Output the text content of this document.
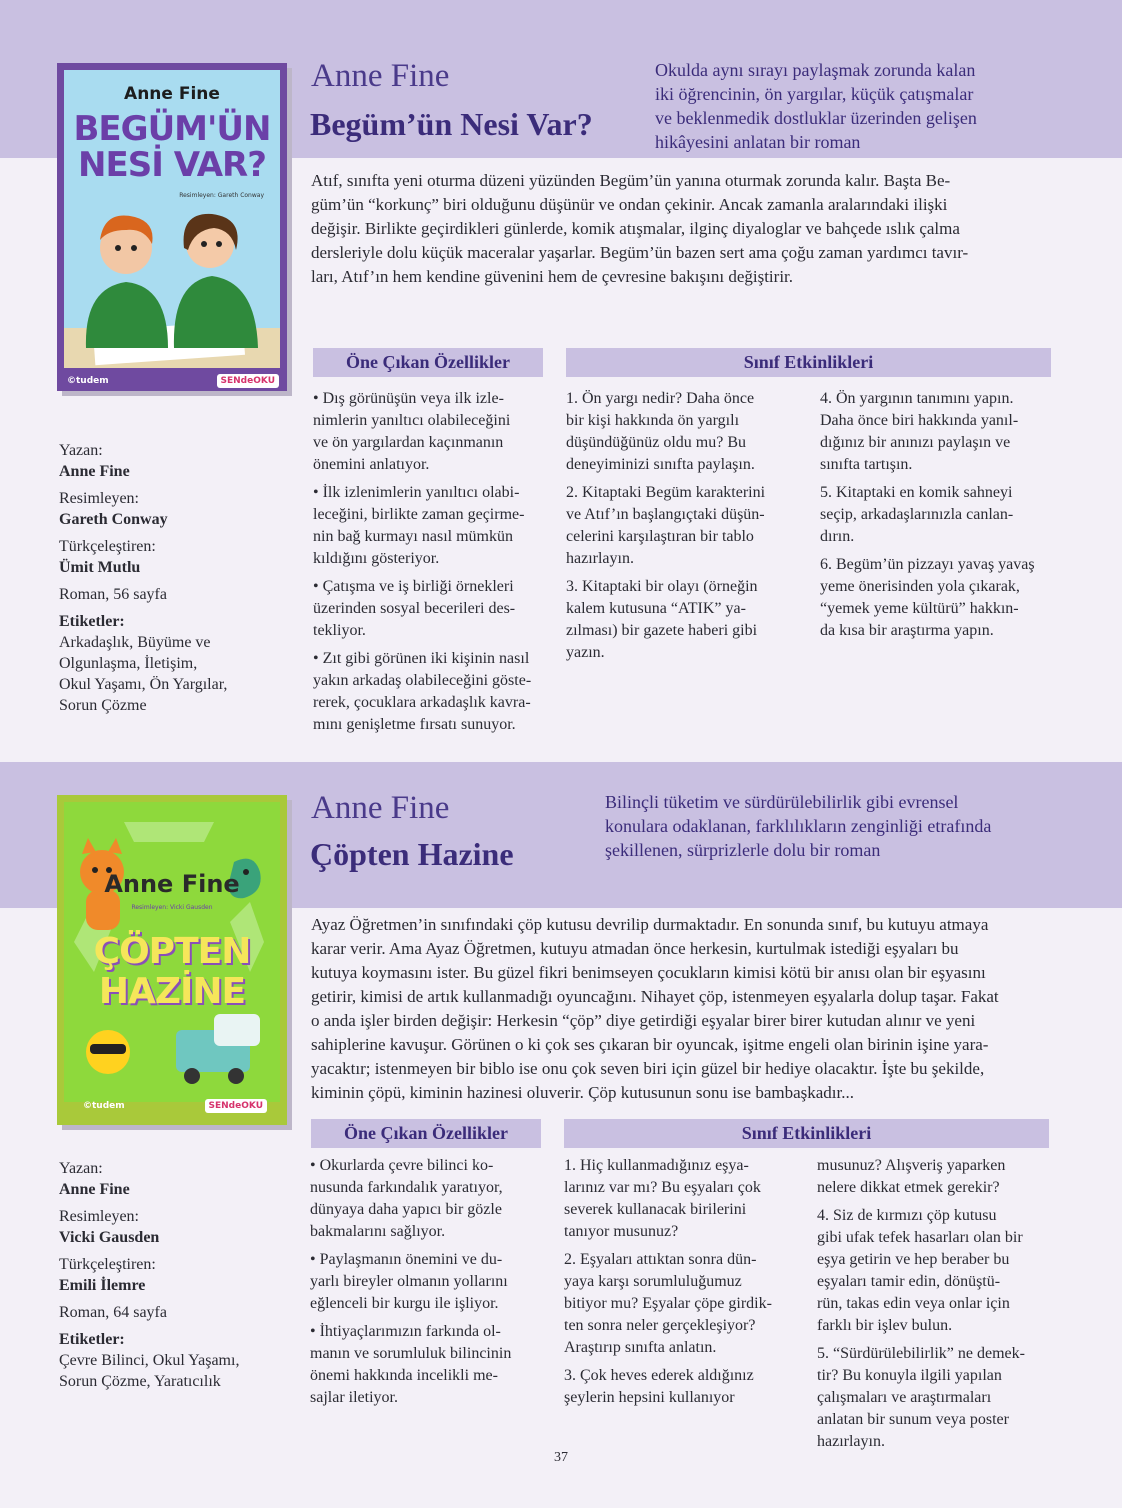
Anne Fine
BEGÜM'ÜN
NESİ VAR?
Resimleyen: Gareth Conway
©tudem	SENdeOKU
Anne Fine
Begüm’ün Nesi Var?
Okulda aynı sırayı paylaşmak zorunda kalan
iki öğrencinin, ön yargılar, küçük çatışmalar
ve beklenmedik dostluklar üzerinden gelişen
hikâyesini anlatan bir roman
Atıf, sınıfta yeni oturma düzeni yüzünden Begüm’ün yanına oturmak zorunda kalır. Başta Be-
güm’ün “korkunç” biri olduğunu düşünür ve ondan çekinir. Ancak zamanla aralarındaki ilişki
değişir. Birlikte geçirdikleri günlerde, komik atışmalar, ilginç diyaloglar ve bahçede ıslık çalma
dersleriyle dolu küçük maceralar yaşarlar. Begüm’ün bazen sert ama çoğu zaman yardımcı tavır-
ları, Atıf’ın hem kendine güvenini hem de çevresine bakışını değiştirir.
Yazan:
Anne Fine
Resimleyen:
Gareth Conway
Türkçeleştiren:
Ümit Mutlu
Roman, 56 sayfa
Etiketler:
Arkadaşlık, Büyüme ve
Olgunlaşma, İletişim,
Okul Yaşamı, Ön Yargılar,
Sorun Çözme
Öne Çıkan Özellikler	Sınıf Etkinlikleri

• Dış görünüşün veya ilk izle-
nimlerin yanıltıcı olabileceğini
ve ön yargılardan kaçınmanın
önemini anlatıyor.

• İlk izlenimlerin yanıltıcı olabi-
leceğini, birlikte zaman geçirme-
nin bağ kurmayı nasıl mümkün
kıldığını gösteriyor.

• Çatışma ve iş birliği örnekleri
üzerinden sosyal becerileri des-
tekliyor.

• Zıt gibi görünen iki kişinin nasıl
yakın arkadaş olabileceğini göste-
rerek, çocuklara arkadaşlık kavra-
mını genişletme fırsatı sunuyor.

1. Ön yargı nedir? Daha önce
bir kişi hakkında ön yargılı
düşündüğünüz oldu mu? Bu
deneyiminizi sınıfta paylaşın.

2. Kitaptaki Begüm karakterini
ve Atıf’ın başlangıçtaki düşün-
celerini karşılaştıran bir tablo
hazırlayın.

3. Kitaptaki bir olayı (örneğin
kalem kutusuna “ATIK” ya-
zılması) bir gazete haberi gibi
yazın.

4. Ön yargının tanımını yapın.
Daha önce biri hakkında yanıl-
dığınız bir anınızı paylaşın ve
sınıfta tartışın.

5. Kitaptaki en komik sahneyi
seçip, arkadaşlarınızla canlan-
dırın.

6. Begüm’ün pizzayı yavaş yavaş
yeme önerisinden yola çıkarak,
“yemek yeme kültürü” hakkın-
da kısa bir araştırma yapın.

Anne Fine
Resimleyen: Vicki Gausden
ÇÖPTEN
HAZİNE
©tudem	SENdeOKU
Anne Fine
Çöpten Hazine
Bilinçli tüketim ve sürdürülebilirlik gibi evrensel
konulara odaklanan, farklılıkların zenginliği etrafında
şekillenen, sürprizlerle dolu bir roman
Ayaz Öğretmen’in sınıfındaki çöp kutusu devrilip durmaktadır. En sonunda sınıf, bu kutuyu atmaya
karar verir. Ama Ayaz Öğretmen, kutuyu atmadan önce herkesin, kurtulmak istediği eşyaları bu
kutuya koymasını ister. Bu güzel fikri benimseyen çocukların kimisi kötü bir anısı olan bir eşyasını
getirir, kimisi de artık kullanmadığı oyuncağını. Nihayet çöp, istenmeyen eşyalarla dolup taşar. Fakat
o anda işler birden değişir: Herkesin “çöp” diye getirdiği eşyalar birer birer kutudan alınır ve yeni
sahiplerine kavuşur. Görünen o ki çok ses çıkaran bir oyuncak, işitme engeli olan birinin işine yara-
yacaktır; istenmeyen bir biblo ise onu çok seven biri için güzel bir hediye olacaktır. İşte bu şekilde,
kiminin çöpü, kiminin hazinesi oluverir. Çöp kutusunun sonu ise bambaşkadır...
Yazan:
Anne Fine
Resimleyen:
Vicki Gausden
Türkçeleştiren:
Emili İlemre
Roman, 64 sayfa
Etiketler:
Çevre Bilinci, Okul Yaşamı,
Sorun Çözme, Yaratıcılık
Öne Çıkan Özellikler	Sınıf Etkinlikleri

• Okurlarda çevre bilinci ko-
nusunda farkındalık yaratıyor,
dünyaya daha yapıcı bir gözle
bakmalarını sağlıyor.

• Paylaşmanın önemini ve du-
yarlı bireyler olmanın yollarını
eğlenceli bir kurgu ile işliyor.

• İhtiyaçlarımızın farkında ol-
manın ve sorumluluk bilincinin
önemi hakkında incelikli me-
sajlar iletiyor.

1. Hiç kullanmadığınız eşya-
larınız var mı? Bu eşyaları çok
severek kullanacak birilerini
tanıyor musunuz?

2. Eşyaları attıktan sonra dün-
yaya karşı sorumluluğumuz
bitiyor mu? Eşyalar çöpe girdik-
ten sonra neler gerçekleşiyor?
Araştırıp sınıfta anlatın.

3. Çok heves ederek aldığınız
şeylerin hepsini kullanıyor

musunuz? Alışveriş yaparken
nelere dikkat etmek gerekir?

4. Siz de kırmızı çöp kutusu
gibi ufak tefek hasarları olan bir
eşya getirin ve hep beraber bu
eşyaları tamir edin, dönüştü-
rün, takas edin veya onlar için
farklı bir işlev bulun.

5. “Sürdürülebilirlik” ne demek-
tir? Bu konuyla ilgili yapılan
çalışmaları ve araştırmaları
anlatan bir sunum veya poster
hazırlayın.

37
